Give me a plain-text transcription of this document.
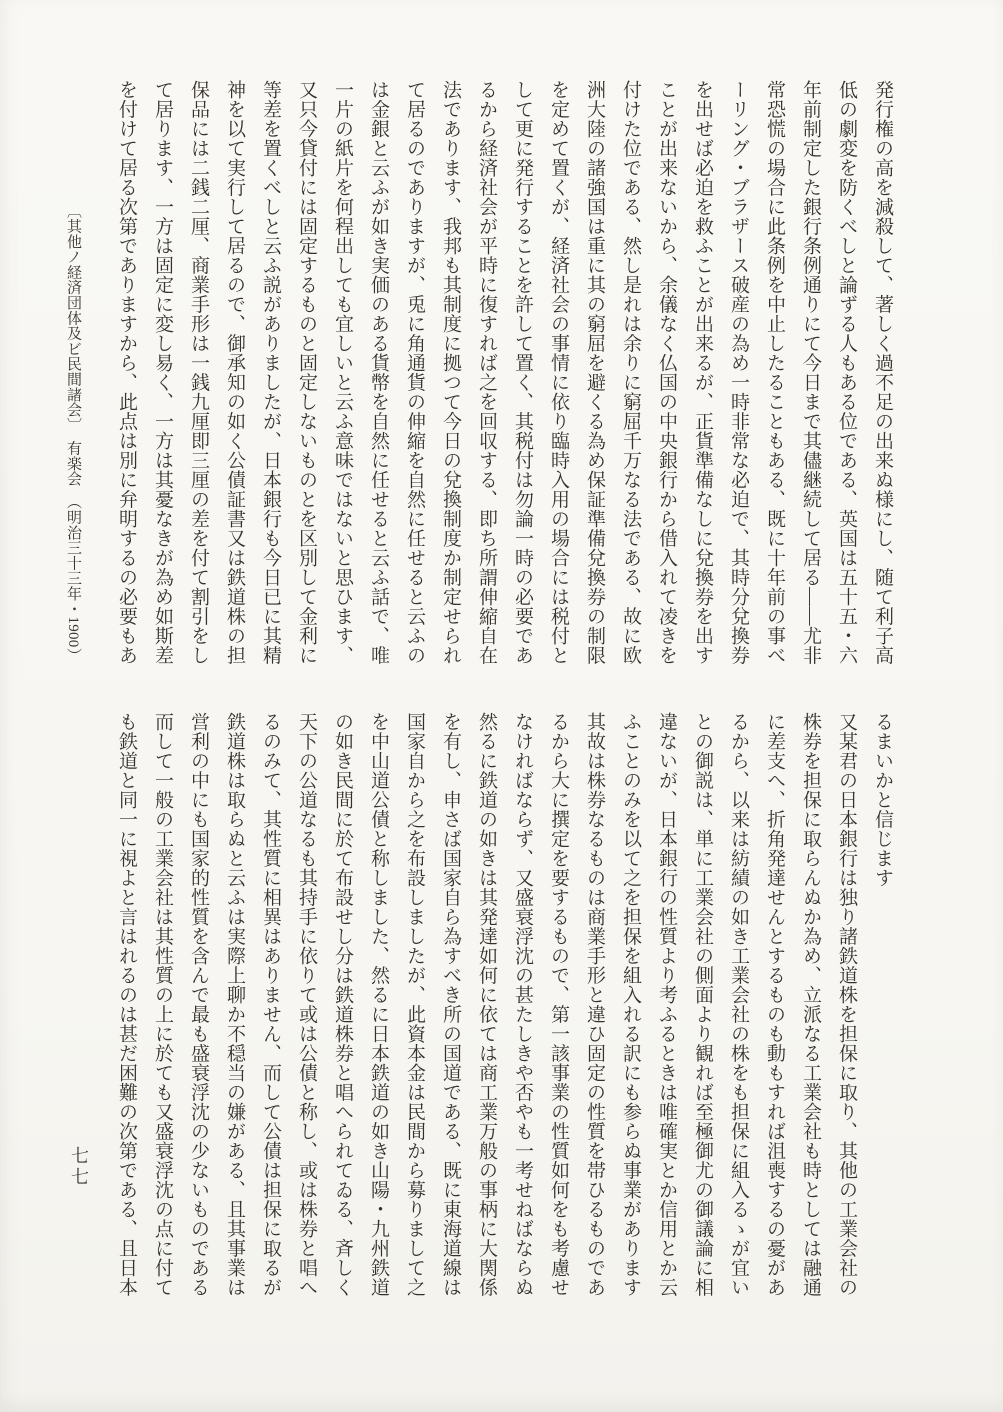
発行権の高を減殺して、著しく過不足の出来ぬ様にし、随て利子高
低の劇変を防くべしと論ずる人もある位である、英国は五十五・六
年前制定した銀行条例通りにて今日まで其儘継続して居る——尤非
常恐慌の場合に此条例を中止したることもある、既に十年前の事べ
ーリング・ブラザース破産の為め一時非常な必迫で、其時分兌換券
を出せば必迫を救ふことが出来るが、正貨準備なしに兌換券を出す
ことが出来ないから、余儀なく仏国の中央銀行から借入れて凌きを
付けた位である、然し是れは余りに窮屈千万なる法である、故に欧
洲大陸の諸強国は重に其の窮屈を避くる為め保証準備兌換券の制限
を定めて置くが、経済社会の事情に依り臨時入用の場合には税付と
して更に発行することを許して置く、其税付は勿論一時の必要であ
るから経済社会が平時に復すれば之を回収する、即ち所謂伸縮自在
法であります、我邦も其制度に拠つて今日の兌換制度か制定せられ
て居るのでありますが、兎に角通貨の伸縮を自然に任せると云ふの
は金銀と云ふが如き実価のある貨幣を自然に任せると云ふ話で、唯
一片の紙片を何程出しても宜しいと云ふ意味ではないと思ひます、
又只今貸付には固定するものと固定しないものとを区別して金利に
等差を置くべしと云ふ説がありましたが、日本銀行も今日已に其精
神を以て実行して居るので、御承知の如く公債証書又は鉄道株の担
保品には二銭二厘、商業手形は一銭九厘即三厘の差を付て割引をし
て居ります、一方は固定に変し易く、一方は其憂なきが為め如斯差
を付けて居る次第でありますから、此点は別に弁明するの必要もあ
〔其他ノ経済団体及ビ民間諸会〕　有楽会　（明治三十三年・1900）
るまいかと信じます
又某君の日本銀行は独り諸鉄道株を担保に取り、其他の工業会社の
株券を担保に取らんぬか為め、立派なる工業会社も時としては融通
に差支へ、折角発達せんとするものも動もすれば沮喪するの憂があ
るから、以来は紡績の如き工業会社の株をも担保に組入るゝが宜い
との御説は、単に工業会社の側面より観れば至極御尤の御議論に相
違ないが、日本銀行の性質より考ふるときは唯確実とか信用とか云
ふことのみを以て之を担保を組入れる訳にも参らぬ事業があります
其故は株券なるものは商業手形と違ひ固定の性質を帯ひるものであ
るから大に撰定を要するもので、第一該事業の性質如何をも考慮せ
なければならず、又盛衰浮沈の甚たしきや否やも一考せねばならぬ
然るに鉄道の如きは其発達如何に依ては商工業万般の事柄に大関係
を有し、申さば国家自ら為すべき所の国道である、既に東海道線は
国家自から之を布設しましたが、此資本金は民間から募りまして之
を中山道公債と称しました、然るに日本鉄道の如き山陽・九州鉄道
の如き民間に於て布設せし分は鉄道株券と唱へられてゐる、斉しく
天下の公道なるも其持手に依りて或は公債と称し、或は株券と唱へ
るのみて、其性質に相異はありません、而して公債は担保に取るが
鉄道株は取らぬと云ふは実際上聊か不穏当の嫌がある、且其事業は
営利の中にも国家的性質を含んで最も盛衰浮沈の少ないものである
而して一般の工業会社は其性質の上に於ても又盛衰浮沈の点に付て
も鉄道と同一に視よと言はれるのは甚だ困難の次第である、且日本
七七
